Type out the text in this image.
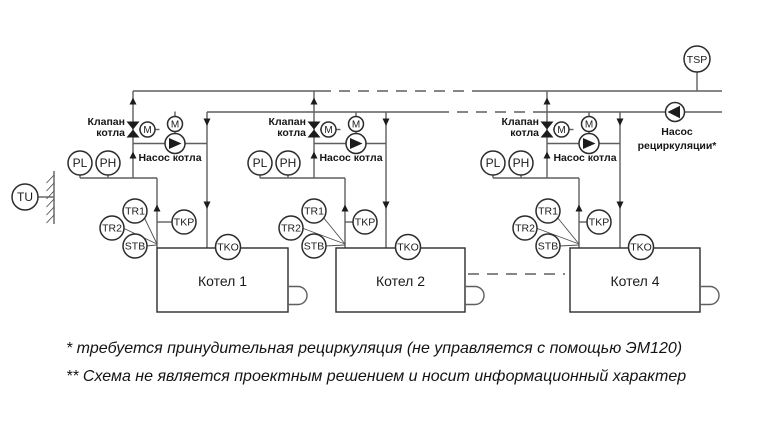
TSP
Насос
рециркуляции*
TU
M M
Клапан
котла
Насос котла
PL PH
Котел 1
TR1
TR2
STB
TKP
TKO
M M
Клапан
котла
Насос котла
PL PH
Котел 2
TR1
TR2
STB
TKP
TKO
M M
Клапан
котла
Насос котла
PL PH
Котел 4
TR1
TR2
STB
TKP
TKO
* требуется принудительная рециркуляция (не управляется с помощью ЭМ120)
** Схема не является проектным решением и носит информационный характер
